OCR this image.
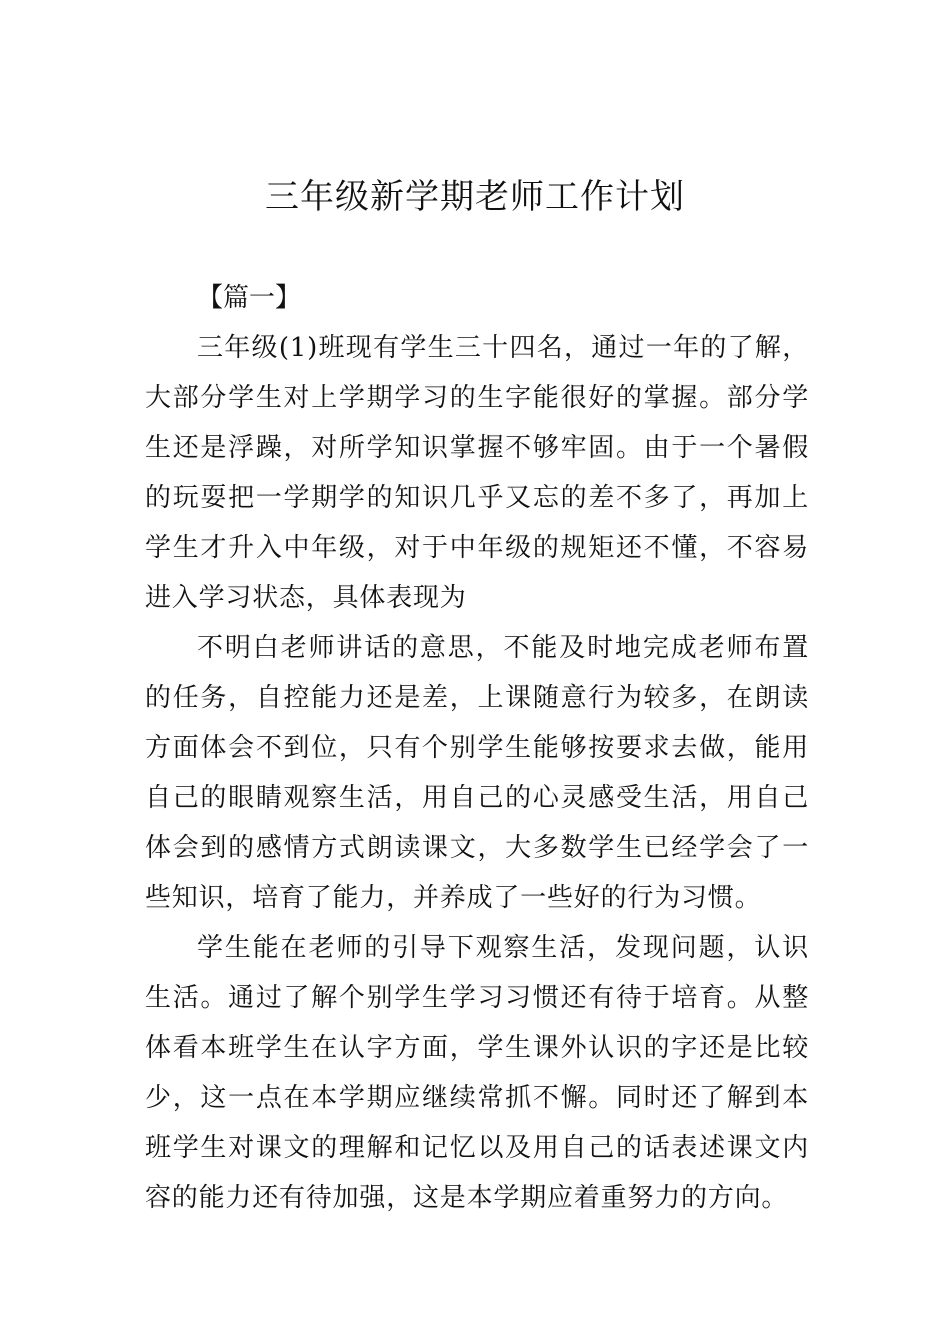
三年级新学期老师工作计划

【篇一】

三年级(1)班现有学生三十四名，通过一年的了解，大部分学生对上学期学习的生字能很好的掌握。部分学生还是浮躁，对所学知识掌握不够牢固。由于一个暑假的玩耍把一学期学的知识几乎又忘的差不多了，再加上学生才升入中年级，对于中年级的规矩还不懂，不容易进入学习状态，具体表现为

不明白老师讲话的意思，不能及时地完成老师布置的任务，自控能力还是差，上课随意行为较多，在朗读方面体会不到位，只有个别学生能够按要求去做，能用自己的眼睛观察生活，用自己的心灵感受生活，用自己体会到的感情方式朗读课文，大多数学生已经学会了一些知识，培育了能力，并养成了一些好的行为习惯。

学生能在老师的引导下观察生活，发现问题，认识生活。通过了解个别学生学习习惯还有待于培育。从整体看本班学生在认字方面，学生课外认识的字还是比较少，这一点在本学期应继续常抓不懈。同时还了解到本班学生对课文的理解和记忆以及用自己的话表述课文内容的能力还有待加强，这是本学期应着重努力的方向。
